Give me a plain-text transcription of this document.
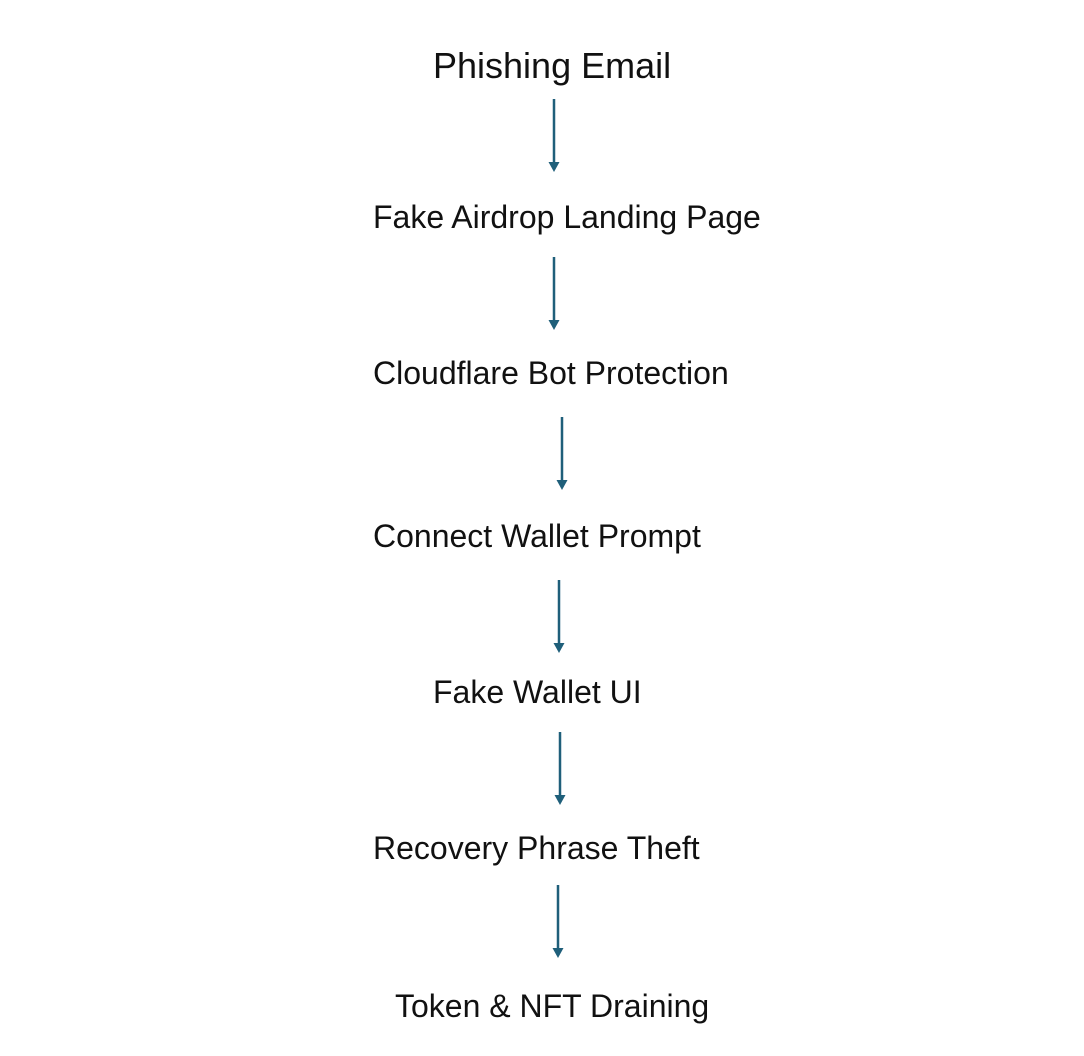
Phishing Email
Fake Airdrop Landing Page
Cloudflare Bot Protection
Connect Wallet Prompt
Fake Wallet UI
Recovery Phrase Theft
Token & NFT Draining
